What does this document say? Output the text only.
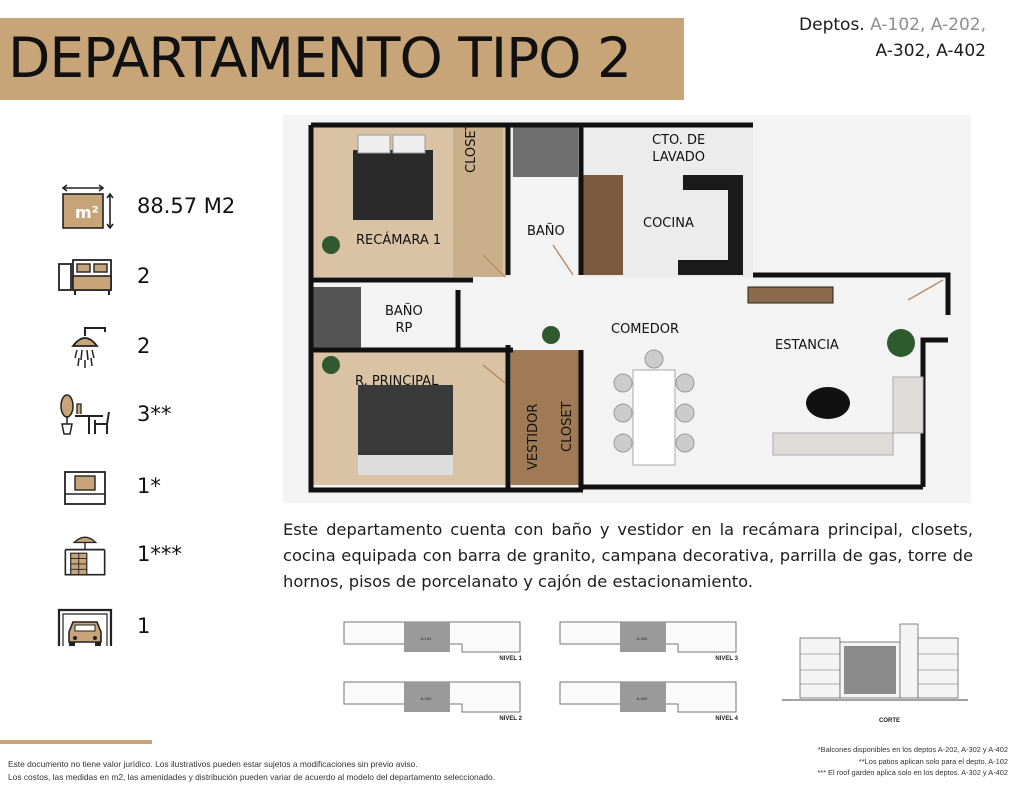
DEPARTAMENTO TIPO 2
Deptos. A-102, A-202,
A-302, A-402
m² 88.57 M2
2
2
3**
1*
1***
1
RECÁMARA 1
CLOSET
BAÑO
CTO. DE
LAVADO
COCINA
BAÑO
RP	COMEDOR
ESTANCIA
R. PRINCIPAL
VESTIDOR CLOSET
Este departamento cuenta con baño y vestidor en la recámara principal, closets, cocina equipada con barra de granito, campana decorativa, parrilla de gas, torre de hornos, pisos de porcelanato y cajón de estacionamiento.
A-102
NIVEL 1
A-202
NIVEL 2
A-302
NIVEL 3
A-402
NIVEL 4	CORTE
Este documento no tiene valor jurídico. Los ilustrativos pueden estar sujetos a modificaciones sin previo aviso.
Los costos, las medidas en m2, las amenidades y distribución pueden variar de acuerdo al modelo del departamento seleccionado.
*Balcones disponibles en los deptos A-202, A-302 y A-402
**Los patios aplican solo para el depto. A-102
*** El roof garden aplica solo en los deptos. A-302 y A-402
